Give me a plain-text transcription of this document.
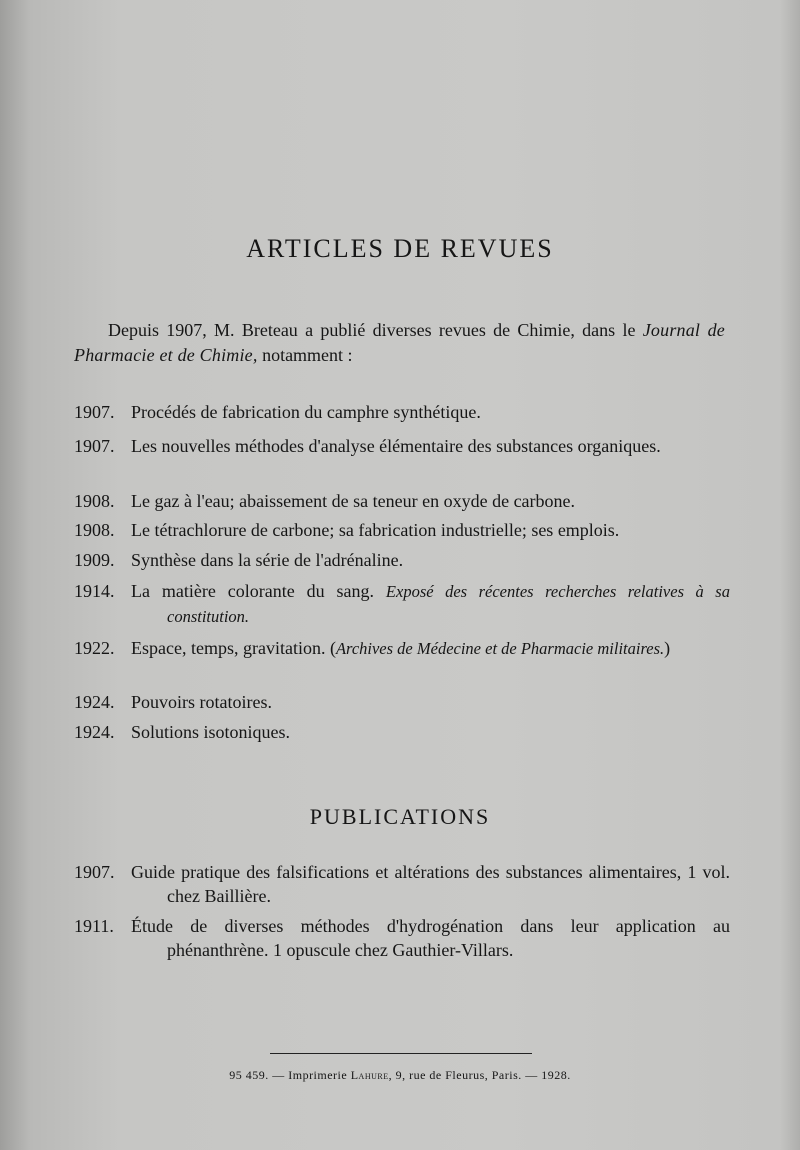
ARTICLES DE REVUES
Depuis 1907, M. Breteau a publié diverses revues de Chimie, dans le Journal de Pharmacie et de Chimie, notamment :
1907. Procédés de fabrication du camphre synthétique.
1907. Les nouvelles méthodes d'analyse élémentaire des substances organiques.
1908. Le gaz à l'eau; abaissement de sa teneur en oxyde de carbone.
1908. Le tétrachlorure de carbone; sa fabrication industrielle; ses emplois.
1909. Synthèse dans la série de l'adrénaline.
1914. La matière colorante du sang. Exposé des récentes recherches relatives à sa constitution.
1922. Espace, temps, gravitation. (Archives de Médecine et de Pharmacie militaires.)
1924. Pouvoirs rotatoires.
1924. Solutions isotoniques.
PUBLICATIONS
1907. Guide pratique des falsifications et altérations des substances alimentaires, 1 vol. chez Baillière.
1911. Étude de diverses méthodes d'hydrogénation dans leur application au phénanthrène. 1 opuscule chez Gauthier-Villars.
95 459. — Imprimerie Lahure, 9, rue de Fleurus, Paris. — 1928.
